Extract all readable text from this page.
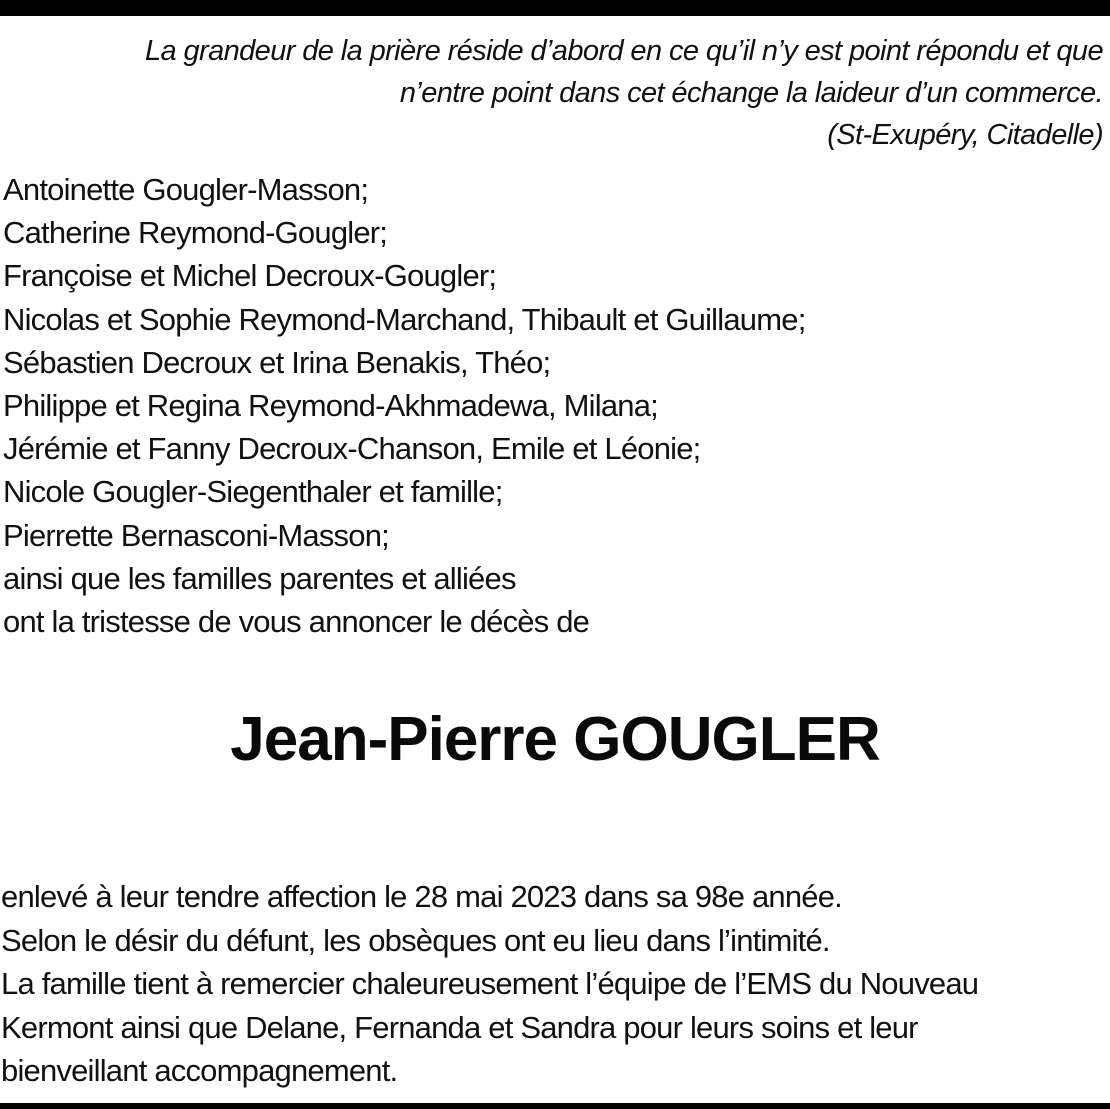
La grandeur de la prière réside d’abord en ce qu’il n’y est point répondu et que
n’entre point dans cet échange la laideur d’un commerce.
(St-Exupéry, Citadelle)
Antoinette Gougler-Masson;
Catherine Reymond-Gougler;
Françoise et Michel Decroux-Gougler;
Nicolas et Sophie Reymond-Marchand, Thibault et Guillaume;
Sébastien Decroux et Irina Benakis, Théo;
Philippe et Regina Reymond-Akhmadewa, Milana;
Jérémie et Fanny Decroux-Chanson, Emile et Léonie;
Nicole Gougler-Siegenthaler et famille;
Pierrette Bernasconi-Masson;
ainsi que les familles parentes et alliées
ont la tristesse de vous annoncer le décès de
Jean-Pierre GOUGLER
enlevé à leur tendre affection le 28 mai 2023 dans sa 98e année.
Selon le désir du défunt, les obsèques ont eu lieu dans l’intimité.
La famille tient à remercier chaleureusement l’équipe de l’EMS du Nouveau
Kermont ainsi que Delane, Fernanda et Sandra pour leurs soins et leur
bienveillant accompagnement.
